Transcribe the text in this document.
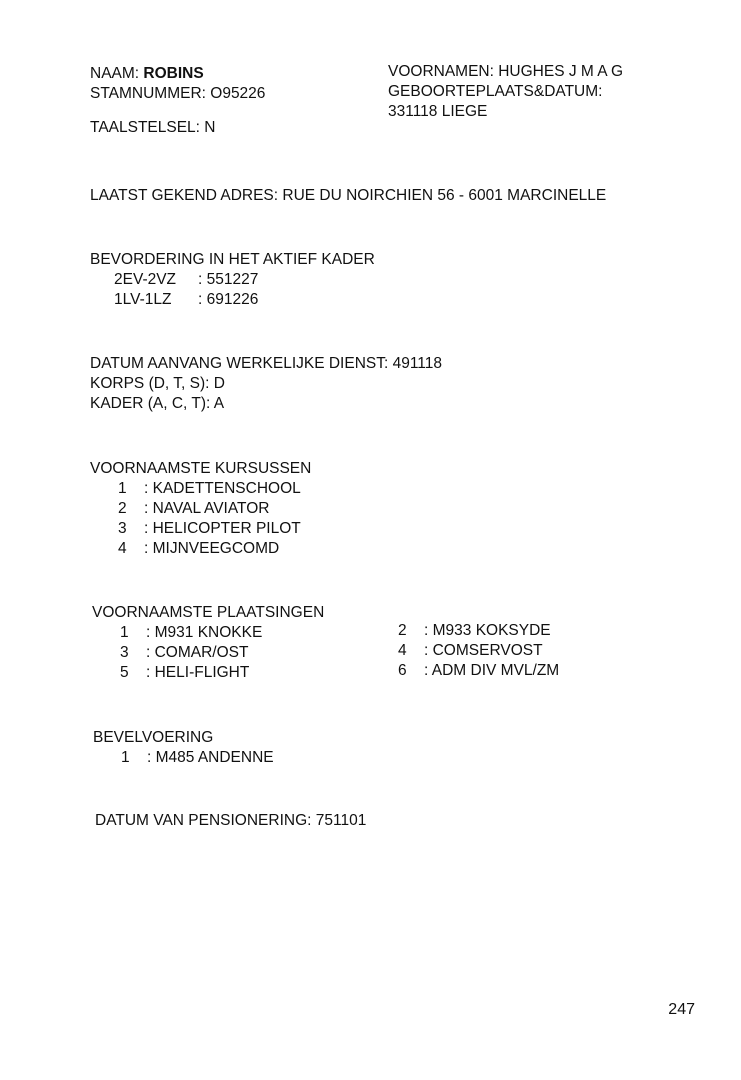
NAAM: ROBINS
STAMNUMMER: O95226
TAALSTELSEL: N
VOORNAMEN: HUGHES J M A G
GEBOORTEPLAATS&DATUM:
331118 LIEGE
LAATST GEKEND ADRES: RUE DU NOIRCHIEN 56 - 6001 MARCINELLE
BEVORDERING IN HET AKTIEF KADER
2EV-2VZ : 551227
1LV-1LZ : 691226
DATUM AANVANG WERKELIJKE DIENST: 491118
KORPS (D, T, S): D
KADER (A, C, T): A
VOORNAAMSTE KURSUSSEN
1 : KADETTENSCHOOL
2 : NAVAL AVIATOR
3 : HELICOPTER PILOT
4 : MIJNVEEGCOMD
VOORNAAMSTE PLAATSINGEN
1 : M931 KNOKKE	2 : M933 KOKSYDE
3 : COMAR/OST	4 : COMSERVOST
5 : HELI-FLIGHT	6 : ADM DIV MVL/ZM
BEVELVOERING
1 : M485 ANDENNE
DATUM VAN PENSIONERING: 751101
247
